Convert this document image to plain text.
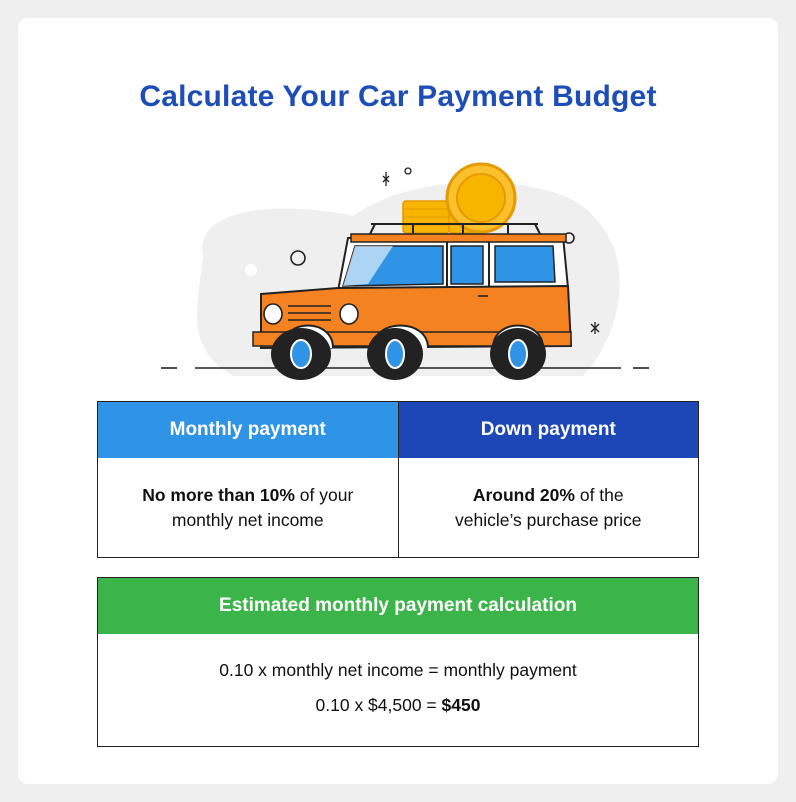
Calculate Your Car Payment Budget
Monthly payment
No more than 10% of your
monthly net income
Down payment
Around 20% of the
vehicle’s purchase price
Estimated monthly payment calculation
0.10 x monthly net income = monthly payment
0.10 x $4,500 = $450
